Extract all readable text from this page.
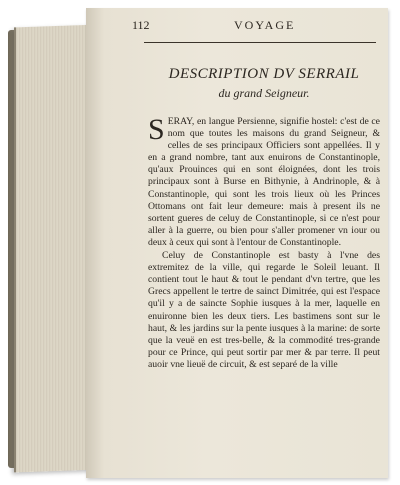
112	VOYAGE
DESCRIPTION DV SERRAIL
du grand Seigneur.

SERAY, en langue Persienne, signifie hostel: c'est de ce nom que toutes les maisons du grand Seigneur, & celles de ses principaux Officiers sont appellées. Il y en a grand nombre, tant aux enuirons de Constantinople, qu'aux Prouinces qui en sont éloignées, dont les trois principaux sont à Burse en Bithynie, à Andrinople, & à Constantinople, qui sont les trois lieux où les Princes Ottomans ont fait leur demeure: mais à present ils ne sortent gueres de celuy de Constantinople, si ce n'est pour aller à la guerre, ou bien pour s'aller promener vn iour ou deux à ceux qui sont à l'entour de Constantinople.

Celuy de Constantinople est basty à l'vne des extremitez de la ville, qui regarde le Soleil leuant. Il contient tout le haut & tout le pendant d'vn tertre, que les Grecs appellent le tertre de sainct Dimitrée, qui est l'espace qu'il y a de saincte Sophie iusques à la mer, laquelle en enuironne bien les deux tiers. Les bastimens sont sur le haut, & les jardins sur la pente iusques à la marine: de sorte que la veuë en est tres-belle, & la commodité tres-grande pour ce Prince, qui peut sortir par mer & par terre. Il peut auoir vne lieuë de circuit, & est separé de la ville
